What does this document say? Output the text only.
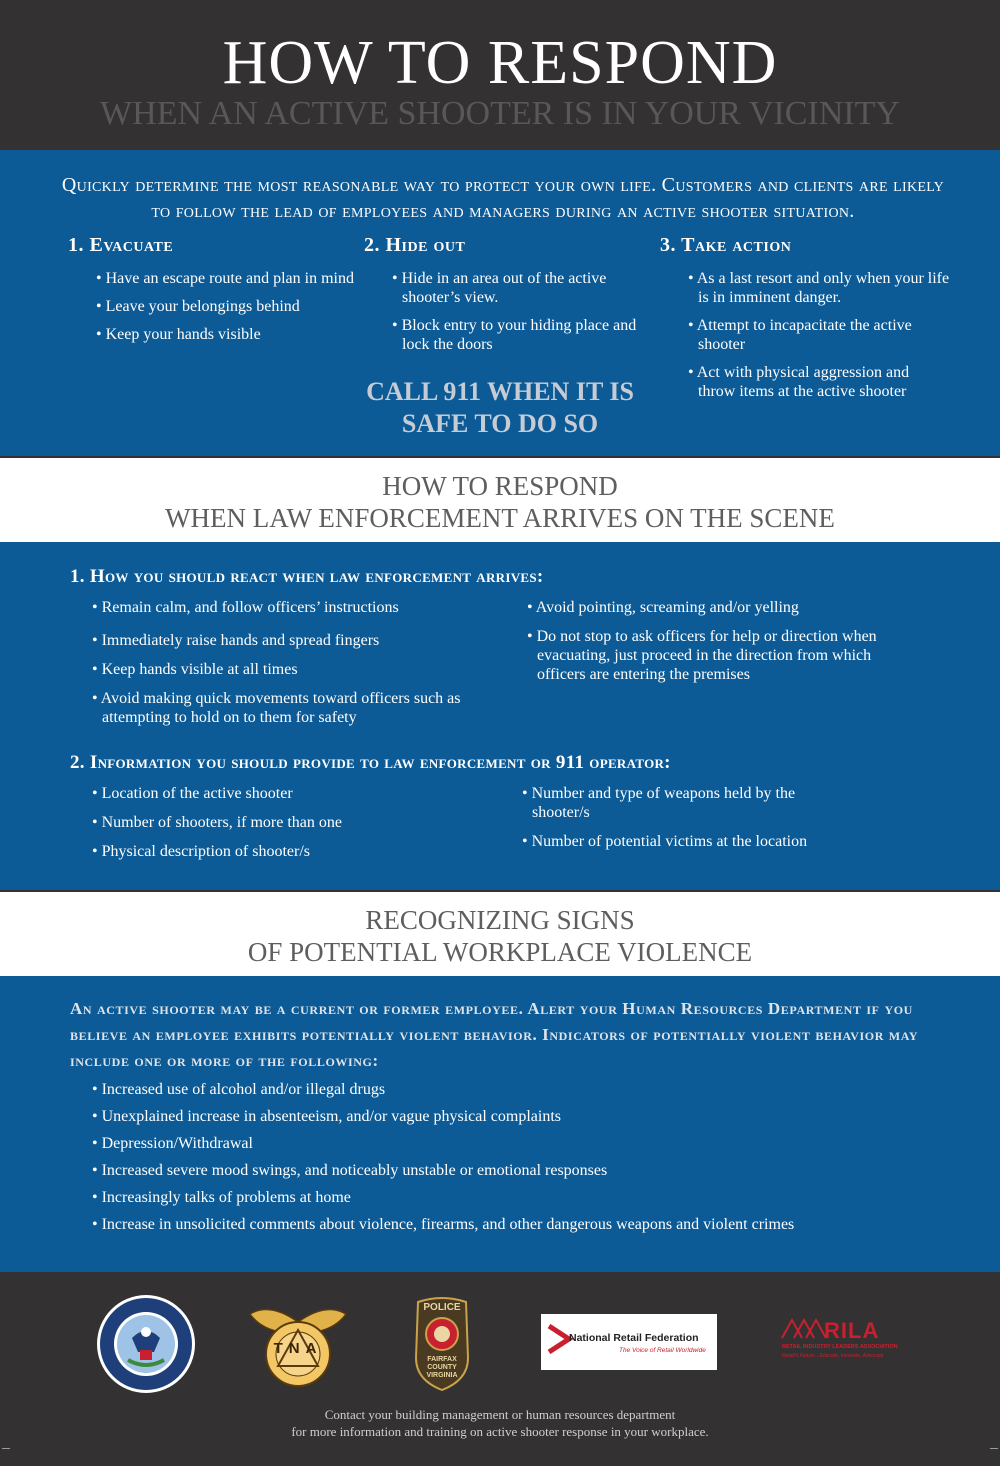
HOW TO RESPOND
WHEN AN ACTIVE SHOOTER IS IN YOUR VICINITY

Quickly determine the most reasonable way to protect your own life. Customers and clients are likely to follow the lead of employees and managers during an active shooter situation.

1. Evacuate
• Have an escape route and plan in mind
• Leave your belongings behind
• Keep your hands visible
2. Hide out
• Hide in an area out of the active shooter’s view.
• Block entry to your hiding place and lock the doors
3. Take action
• As a last resort and only when your life is in imminent danger.
• Attempt to incapacitate the active shooter
• Act with physical aggression and throw items at the active shooter
CALL 911 WHEN IT IS SAFE TO DO SO
HOW TO RESPOND
WHEN LAW ENFORCEMENT ARRIVES ON THE SCENE
1. How you should react when law enforcement arrives:
• Remain calm, and follow officers’ instructions
• Immediately raise hands and spread fingers
• Keep hands visible at all times
• Avoid making quick movements toward officers such as attempting to hold on to them for safety
• Avoid pointing, screaming and/or yelling
• Do not stop to ask officers for help or direction when evacuating, just proceed in the direction from which officers are entering the premises
2. Information you should provide to law enforcement or 911 operator:
• Location of the active shooter
• Number of shooters, if more than one
• Physical description of shooter/s
• Number and type of weapons held by the shooter/s
• Number of potential victims at the location
RECOGNIZING SIGNS
OF POTENTIAL WORKPLACE VIOLENCE

An active shooter may be a current or former employee. Alert your Human Resources Department if you believe an employee exhibits potentially violent behavior. Indicators of potentially violent behavior may include one or more of the following:

• Increased use of alcohol and/or illegal drugs
• Unexplained increase in absenteeism, and/or vague physical complaints
• Depression/Withdrawal
• Increased severe mood swings, and noticeably unstable or emotional responses
• Increasingly talks of problems at home
• Increase in unsolicited comments about violence, firearms, and other dangerous weapons and violent crimes
TNA
POLICE
FAIRFAX COUNTY VIRGINIA
National Retail Federation
The Voice of Retail Worldwide
RILA
RETAIL INDUSTRY LEADERS ASSOCIATION
Retail's Future....Educate, Innovate, Advocate
Contact your building management or human resources department
for more information and training on active shooter response in your workplace.
